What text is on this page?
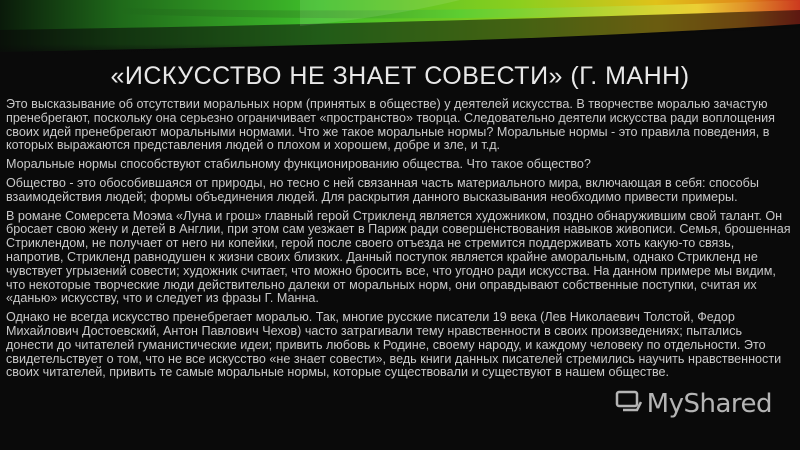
«ИСКУССТВО НЕ ЗНАЕТ СОВЕСТИ» (Г. МАНН)

Это высказывание об отсутствии моральных норм (принятых в обществе) у деятелей искусства. В творчестве моралью зачастую пренебрегают, поскольку она серьезно ограничивает «пространство» творца. Следовательно деятели искусства ради воплощения своих идей пренебрегают моральными нормами. Что же такое моральные нормы? Моральные нормы - это правила поведения, в которых выражаются представления людей о плохом и хорошем, добре и зле, и т.д.

Моральные нормы способствуют стабильному функционированию общества. Что такое общество?

Общество - это обособившаяся от природы, но тесно с ней связанная часть материального мира, включающая в себя: способы взаимодействия людей; формы объединения людей. Для раскрытия данного высказывания необходимо привести примеры.

В романе Сомерсета Моэма «Луна и грош» главный герой Стрикленд является художником, поздно обнаружившим свой талант. Он бросает свою жену и детей в Англии, при этом сам уезжает в Париж ради совершенствования навыков живописи. Семья, брошенная Стриклендом, не получает от него ни копейки, герой после своего отъезда не стремится поддерживать хоть какую-то связь, напротив, Стрикленд равнодушен к жизни своих близких. Данный поступок является крайне аморальным, однако Стрикленд не чувствует угрызений совести; художник считает, что можно бросить все, что угодно ради искусства. На данном примере мы видим, что некоторые творческие люди действительно далеки от моральных норм, они оправдывают собственные поступки, считая их «данью» искусству, что и следует из фразы Г. Манна.

Однако не всегда искусство пренебрегает моралью. Так, многие русские писатели 19 века (Лев Николаевич Толстой, Федор Михайлович Достоевский, Антон Павлович Чехов) часто затрагивали тему нравственности в своих произведениях; пытались донести до читателей гуманистические идеи; привить любовь к Родине, своему народу, и каждому человеку по отдельности. Это свидетельствует о том, что не все искусство «не знает совести», ведь книги данных писателей стремились научить нравственности своих читателей, привить те самые моральные нормы, которые существовали и существуют в нашем обществе.

MyShared
